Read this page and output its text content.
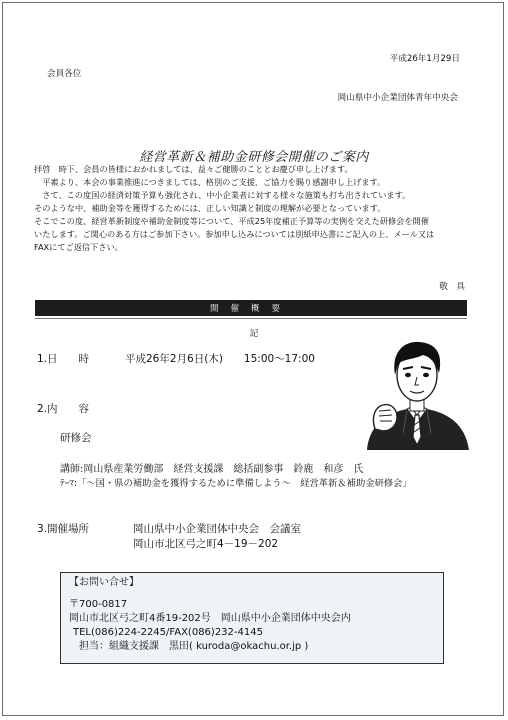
平成26年1月29日
会員各位
岡山県中小企業団体青年中央会
経営革新＆補助金研修会開催のご案内
拝啓　時下、会員の皆様におかれましては、益々ご健勝のこととお慶び申し上げます。
　平素より、本会の事業推進につきましては、格別のご支援、ご協力を賜り感謝申し上げます。
　さて、この度国の経済対策予算も強化され、中小企業者に対する様々な施策も打ち出されています。
そのような中、補助金等を獲得するためには、正しい知識と制度の理解が必要となっています。
そこでこの度、経営革新制度や補助金制度等について、平成25年度補正予算等の実例を交えた研修会を開催
いたします。ご関心のある方はご参加下さい。参加申し込みについては別紙申込書にご記入の上、メール又は
FAXにてご返信下さい。
敬　具
開催概要
記
1.日　　時	平成26年2月6日(木)　　15:00～17:00
2.内　　容
研修会
講師:岡山県産業労働部　経営支援課　総括副参事　鈴鹿　和彦　氏
ﾃｰﾏ:「～国・県の補助金を獲得するために準備しよう～　経営革新＆補助金研修会」
3.開催場所	岡山県中小企業団体中央会　会議室
岡山市北区弓之町4－19－202
【お問い合せ】
〒700-0817
岡山市北区弓之町4番19-202号　岡山県中小企業団体中央会内
TEL(086)224-2245/FAX(086)232-4145
担当：組織支援課　黒田( kuroda@okachu.or.jp )
